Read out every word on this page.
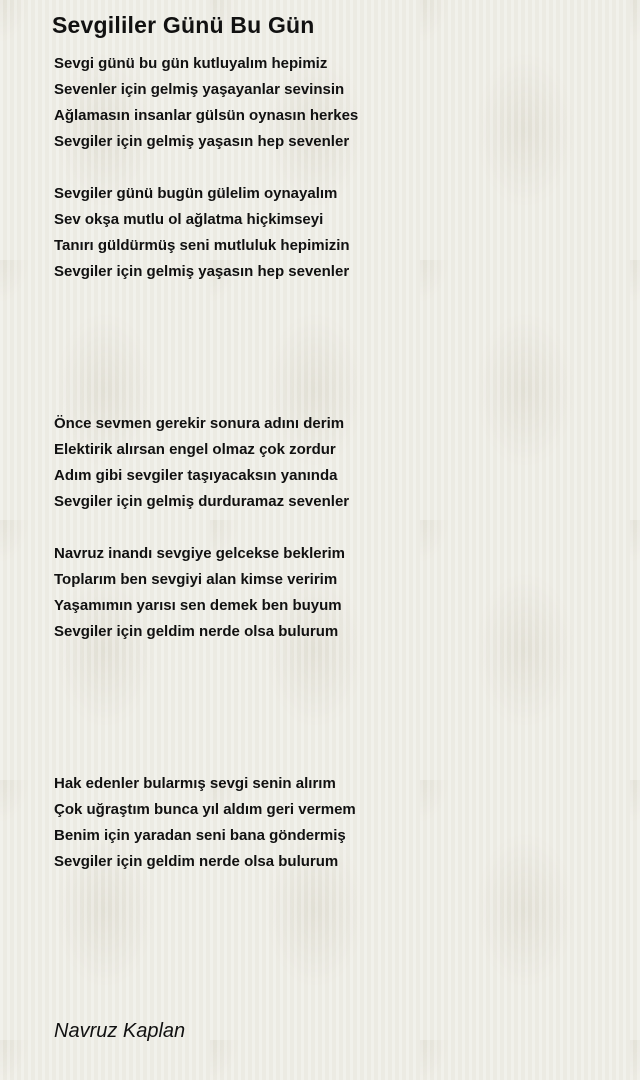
Sevgililer Günü Bu Gün
Sevgi günü bu gün kutluyalım hepimiz
Sevenler için gelmiş yaşayanlar sevinsin
Ağlamasın insanlar gülsün oynasın herkes
Sevgiler için gelmiş yaşasın hep sevenler
Sevgiler günü bugün gülelim oynayalım
Sev okşa mutlu ol ağlatma hiçkimseyi
Tanırı güldürmüş seni mutluluk hepimizin
Sevgiler için gelmiş yaşasın hep sevenler
Önce sevmen gerekir sonura adını derim
Elektirik alırsan engel olmaz çok zordur
Adım gibi sevgiler taşıyacaksın yanında
Sevgiler için gelmiş durduramaz sevenler
Navruz inandı sevgiye gelcekse beklerim
Toplarım ben sevgiyi alan kimse veririm
Yaşamımın yarısı sen demek ben buyum
Sevgiler için geldim nerde olsa bulurum
Hak edenler bularmış sevgi senin alırım
Çok uğraştım bunca yıl aldım geri vermem
Benim için yaradan seni bana göndermiş
Sevgiler için geldim nerde olsa bulurum
Navruz Kaplan
